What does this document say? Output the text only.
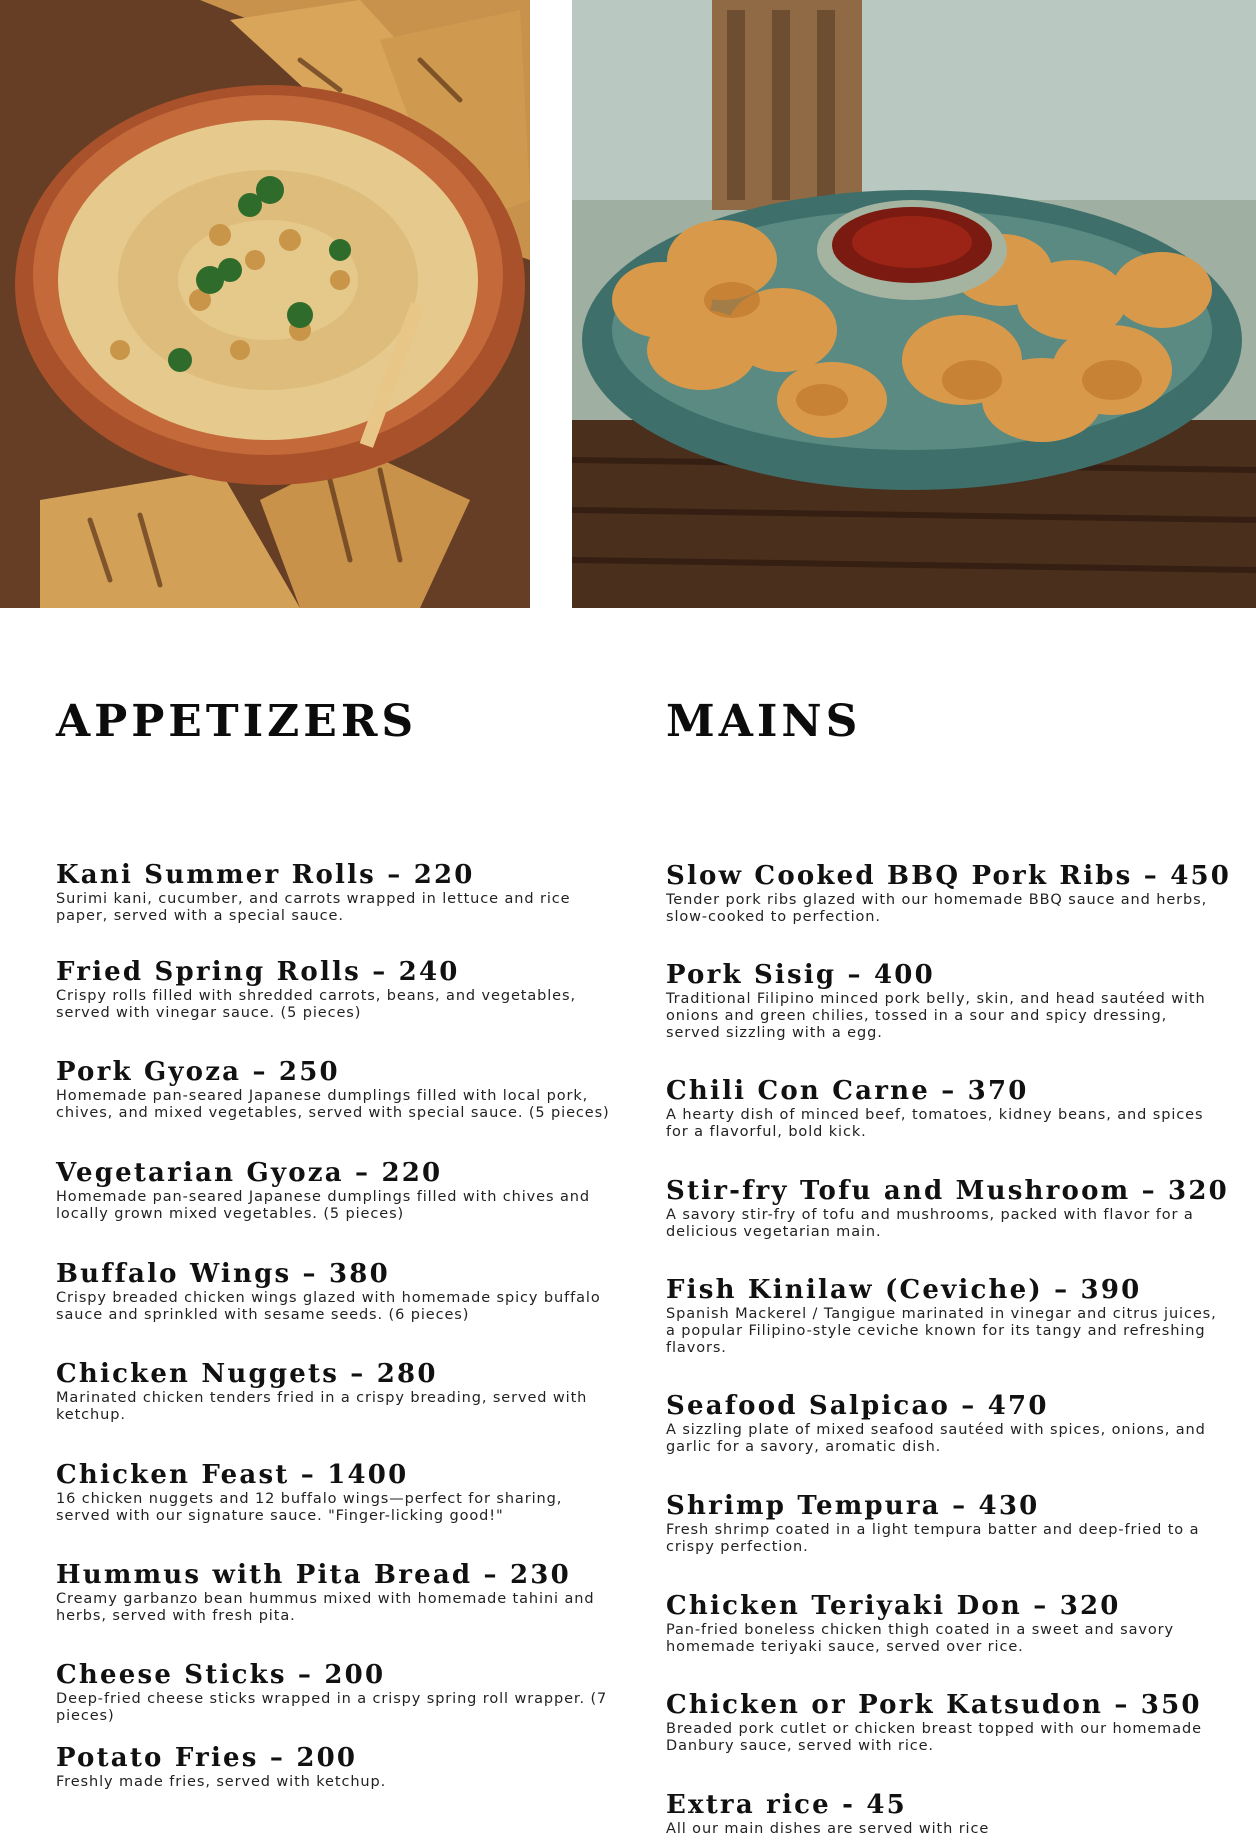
APPETIZERS
Kani Summer Rolls – 220
Surimi kani, cucumber, and carrots wrapped in lettuce and rice paper, served with a special sauce.
Fried Spring Rolls – 240
Crispy rolls filled with shredded carrots, beans, and vegetables, served with vinegar sauce. (5 pieces)
Pork Gyoza – 250
Homemade pan-seared Japanese dumplings filled with local pork, chives, and mixed vegetables, served with special sauce. (5 pieces)
Vegetarian Gyoza – 220
Homemade pan-seared Japanese dumplings filled with chives and locally grown mixed vegetables. (5 pieces)
Buffalo Wings – 380
Crispy breaded chicken wings glazed with homemade spicy buffalo sauce and sprinkled with sesame seeds. (6 pieces)
Chicken Nuggets – 280
Marinated chicken tenders fried in a crispy breading, served with ketchup.
Chicken Feast – 1400
16 chicken nuggets and 12 buffalo wings—perfect for sharing, served with our signature sauce. "Finger-licking good!"
Hummus with Pita Bread – 230
Creamy garbanzo bean hummus mixed with homemade tahini and herbs, served with fresh pita.
Cheese Sticks – 200
Deep-fried cheese sticks wrapped in a crispy spring roll wrapper. (7 pieces)
Potato Fries – 200
Freshly made fries, served with ketchup.
MAINS
Slow Cooked BBQ Pork Ribs – 450
Tender pork ribs glazed with our homemade BBQ sauce and herbs, slow-cooked to perfection.
Pork Sisig – 400
Traditional Filipino minced pork belly, skin, and head sautéed with onions and green chilies, tossed in a sour and spicy dressing, served sizzling with a egg.
Chili Con Carne – 370
A hearty dish of minced beef, tomatoes, kidney beans, and spices for a flavorful, bold kick.
Stir-fry Tofu and Mushroom – 320
A savory stir-fry of tofu and mushrooms, packed with flavor for a delicious vegetarian main.
Fish Kinilaw (Ceviche) – 390
Spanish Mackerel / Tangigue marinated in vinegar and citrus juices, a popular Filipino-style ceviche known for its tangy and refreshing flavors.
Seafood Salpicao – 470
A sizzling plate of mixed seafood sautéed with spices, onions, and garlic for a savory, aromatic dish.
Shrimp Tempura – 430
Fresh shrimp coated in a light tempura batter and deep-fried to a crispy perfection.
Chicken Teriyaki Don – 320
Pan-fried boneless chicken thigh coated in a sweet and savory homemade teriyaki sauce, served over rice.
Chicken or Pork Katsudon – 350
Breaded pork cutlet or chicken breast topped with our homemade Danbury sauce, served with rice.
Extra rice - 45
All our main dishes are served with rice
